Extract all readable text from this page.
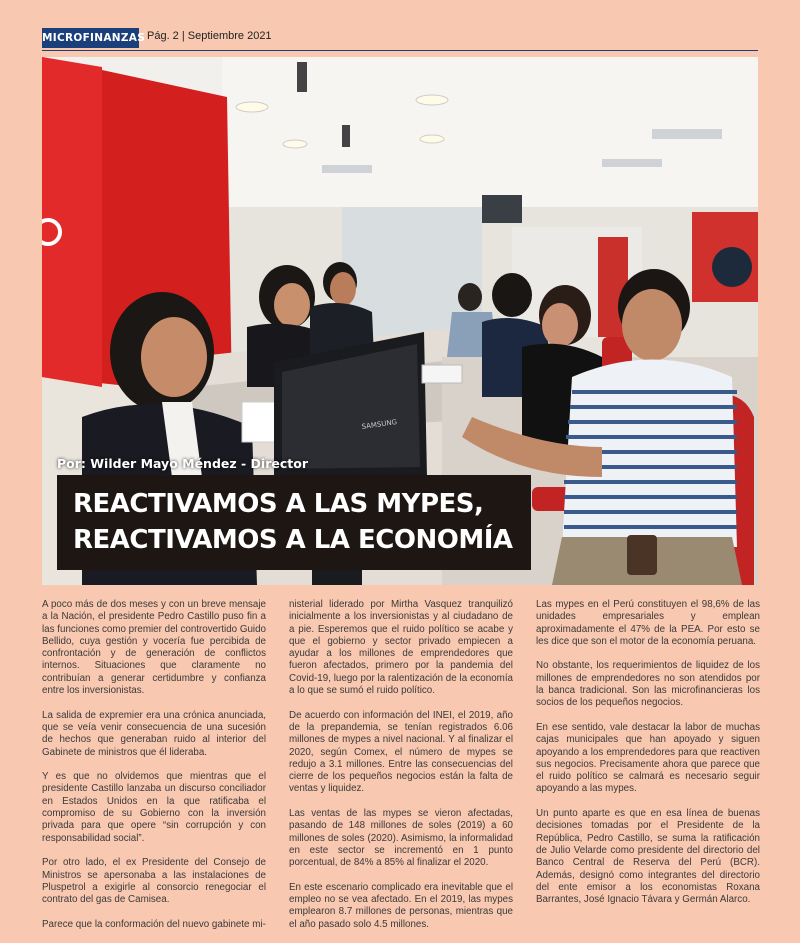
MICROFINANZAS Pág. 2 | Septiembre 2021
SAMSUNG
Por: Wilder Mayo Méndez - Director
REACTIVAMOS A LAS MYPES,
REACTIVAMOS A LA ECONOMÍA

A poco más de dos meses y con un breve mensaje a la Nación, el presidente Pedro Castillo puso fin a las funciones como premier del controvertido Guido Bellido, cuya gestión y vocería fue percibida de confrontación y de generación de conflictos internos. Situaciones que claramente no contribuían a generar certidumbre y confianza entre los inversionistas.

La salida de expremier era una crónica anunciada, que se veía venir consecuencia de una sucesión de hechos que generaban ruido al interior del Gabinete de ministros que él lideraba.

Y es que no olvidemos que mientras que el presidente Castillo lanzaba un discurso conciliador en Estados Unidos en la que ratificaba el compromiso de su Gobierno con la inversión privada para que opere “sin corrupción y con responsabilidad social”.

Por otro lado, el ex Presidente del Consejo de Ministros se apersonaba a las instalaciones de Pluspetrol a exigirle al consorcio renegociar el contrato del gas de Camisea.

Parece que la conformación del nuevo gabinete mi-

nisterial liderado por Mirtha Vasquez tranquilizó inicialmente a los inversionistas y al ciudadano de a pie. Esperemos que el ruido político se acabe y que el gobierno y sector privado empiecen a ayudar a los millones de emprendedores que fueron afectados, primero por la pandemia del Covid-19, luego por la ralentización de la economía a lo que se sumó el ruido político.

De acuerdo con información del INEI, el 2019, año de la prepandemia, se tenían registrados 6.06 millones de mypes a nivel nacional. Y al finalizar el 2020, según Comex, el número de mypes se redujo a 3.1 millones. Entre las consecuencias del cierre de los pequeños negocios están la falta de ventas y liquidez.

Las ventas de las mypes se vieron afectadas, pasando de 148 millones de soles (2019) a 60 millones de soles (2020). Asimismo, la informalidad en este sector se incrementó en 1 punto porcentual, de 84% a 85% al finalizar el 2020.

En este escenario complicado era inevitable que el empleo no se vea afectado. En el 2019, las mypes emplearon 8.7 millones de personas, mientras que el año pasado solo 4.5 millones.

Las mypes en el Perú constituyen el 98,6% de las unidades empresariales y emplean aproximadamente el 47% de la PEA. Por esto se les dice que son el motor de la economía peruana.

No obstante, los requerimientos de liquidez de los millones de emprendedores no son atendidos por la banca tradicional. Son las microfinancieras los socios de los pequeños negocios.

En ese sentido, vale destacar la labor de muchas cajas municipales que han apoyado y siguen apoyando a los emprendedores para que reactiven sus negocios. Precisamente ahora que parece que el ruido político se calmará es necesario seguir apoyando a las mypes.

Un punto aparte es que en esa línea de buenas decisiones tomadas por el Presidente de la República, Pedro Castillo, se suma la ratificación de Julio Velarde como presidente del directorio del Banco Central de Reserva del Perú (BCR). Además, designó como integrantes del directorio del ente emisor a los economistas Roxana Barrantes, José Ignacio Távara y Germán Alarco.
